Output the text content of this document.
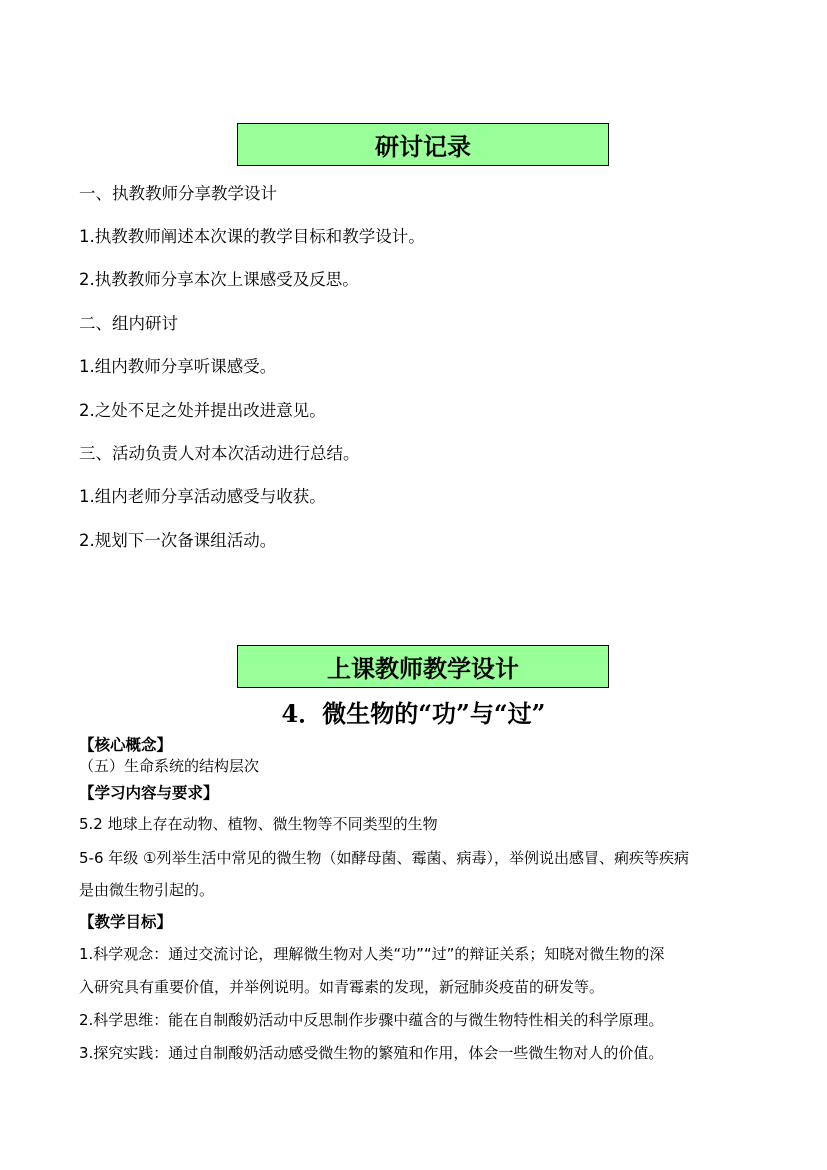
研讨记录
一、执教教师分享教学设计
1.执教教师阐述本次课的教学目标和教学设计。
2.执教教师分享本次上课感受及反思。
二、组内研讨
1.组内教师分享听课感受。
2.之处不足之处并提出改进意见。
三、活动负责人对本次活动进行总结。
1.组内老师分享活动感受与收获。
2.规划下一次备课组活动。
上课教师教学设计
4．微生物的“功”与“过”
【核心概念】
（五）生命系统的结构层次
【学习内容与要求】
5.2 地球上存在动物、植物、微生物等不同类型的生物
5-6 年级 ①列举生活中常见的微生物（如酵母菌、霉菌、病毒），举例说出感冒、痢疾等疾病
是由微生物引起的。
【教学目标】
1.科学观念：通过交流讨论，理解微生物对人类“功”“过”的辩证关系；知晓对微生物的深
入研究具有重要价值，并举例说明。如青霉素的发现，新冠肺炎疫苗的研发等。
2.科学思维：能在自制酸奶活动中反思制作步骤中蕴含的与微生物特性相关的科学原理。
3.探究实践：通过自制酸奶活动感受微生物的繁殖和作用，体会一些微生物对人的价值。
